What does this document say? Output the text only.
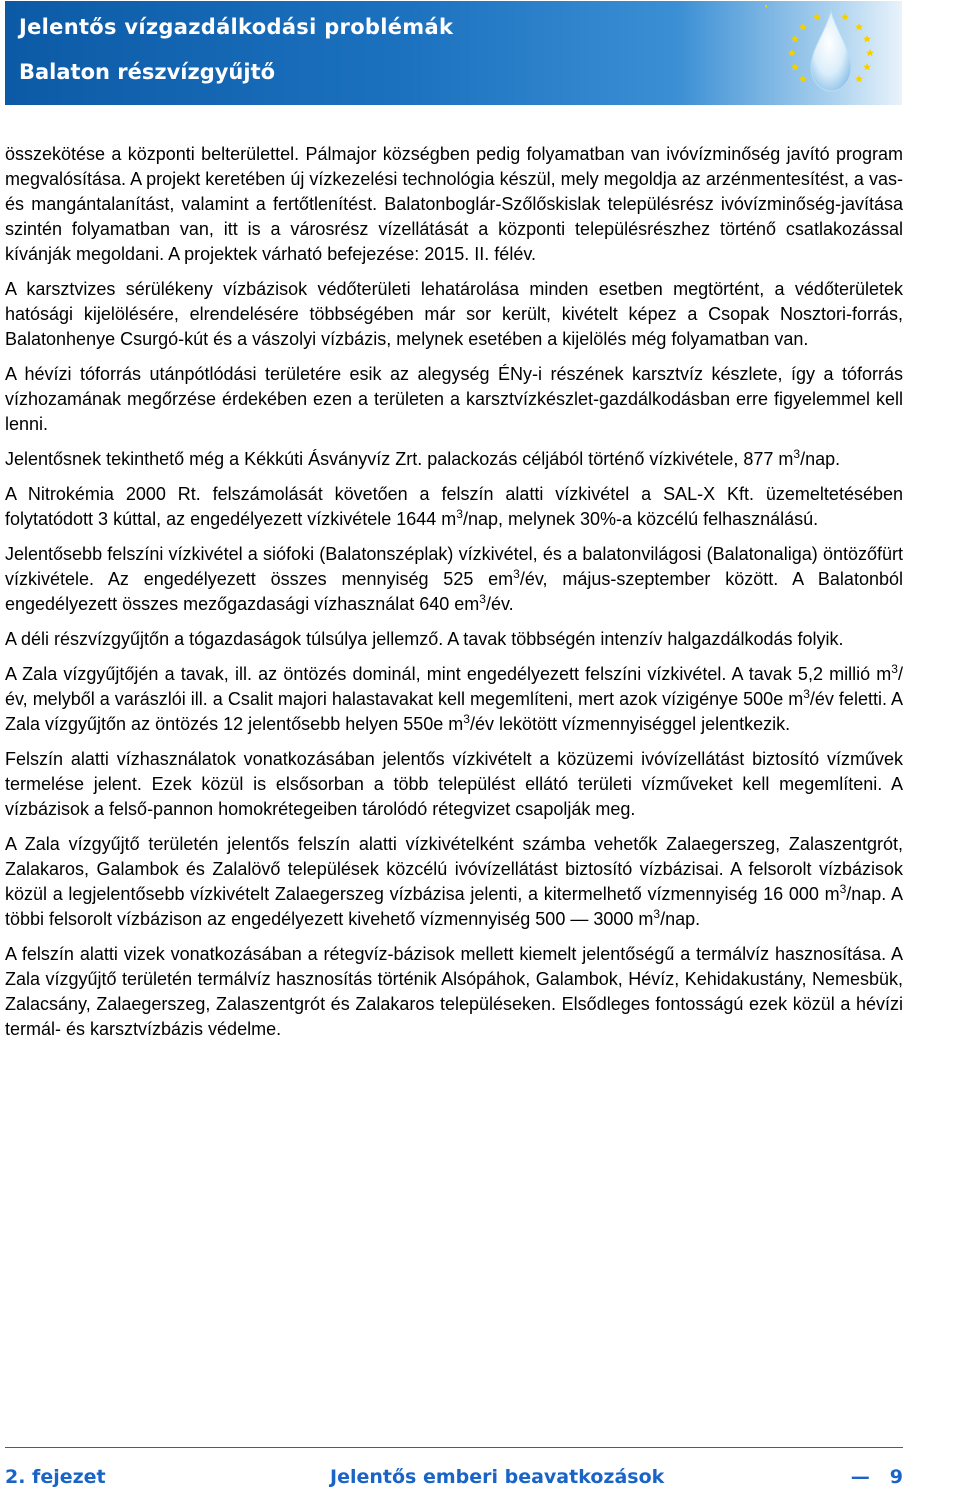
Jelentős vízgazdálkodási problémák
Balaton részvízgyűjtő

összekötése a központi belterülettel. Pálmajor községben pedig folyamatban van ivóvízminőség javító program megvalósítása. A projekt keretében új vízkezelési technológia készül, mely megoldja az arzénmentesítést, a vas- és mangántalanítást, valamint a fertőtlenítést. Balatonboglár-Szőlőskislak településrész ivóvízminőség-javítása szintén folyamatban van, itt is a városrész vízellátását a központi településrészhez történő csatlakozással kívánják megoldani. A projektek várható befejezése: 2015. II. félév.

A karsztvizes sérülékeny vízbázisok védőterületi lehatárolása minden esetben megtörtént, a védőterületek hatósági kijelölésére, elrendelésére többségében már sor került, kivételt képez a Csopak Nosztori-forrás, Balatonhenye Csurgó-kút és a vászolyi vízbázis, melynek esetében a kijelölés még folyamatban van.

A hévízi tóforrás utánpótlódási területére esik az alegység ÉNy-i részének karsztvíz készlete, így a tóforrás vízhozamának megőrzése érdekében ezen a területen a karsztvízkészlet-gazdálkodásban erre figyelemmel kell lenni.

Jelentősnek tekinthető még a Kékkúti Ásványvíz Zrt. palackozás céljából történő vízkivétele, 877 $m^3$/nap.

A Nitrokémia 2000 Rt. felszámolását követően a felszín alatti vízkivétel a SAL-X Kft. üzemeltetésében folytatódott 3 kúttal, az engedélyezett vízkivétele 1644 $m^3$/nap, melynek 30%-a közcélú felhasználású.

Jelentősebb felszíni vízkivétel a siófoki (Balatonszéplak) vízkivétel, és a balatonvilágosi (Balatonaliga) öntözőfürt vízkivétele. Az engedélyezett összes mennyiség 525 $em^3/év$, május-szeptember között. A Balatonból engedélyezett összes mezőgazdasági vízhasználat 640 $em^3/év$.

A déli részvízgyűjtőn a tógazdaságok túlsúlya jellemző. A tavak többségén intenzív halgazdálkodás folyik.

A Zala vízgyűjtőjén a tavak, ill. az öntözés dominál, mint engedélyezett felszíni vízkivétel. A tavak 5,2 millió $m^3/év$, melyből a varászlói ill. a Csalit majori halastavakat kell megemlíteni, mert azok vízigénye 500e $m^3/év$ feletti. A Zala vízgyűjtőn az öntözés 12 jelentősebb helyen 550e $m^3/év$ lekötött vízmennyiséggel jelentkezik.

Felszín alatti vízhasználatok vonatkozásában jelentős vízkivételt a közüzemi ivóvízellátást biztosító vízművek termelése jelent. Ezek közül is elsősorban a több települést ellátó területi vízműveket kell megemlíteni. A vízbázisok a felső-pannon homokrétegeiben tárolódó rétegvizet csapolják meg.

A Zala vízgyűjtő területén jelentős felszín alatti vízkivételként számba vehetők Zalaegerszeg, Zalaszentgrót, Zalakaros, Galambok és Zalalövő települések közcélú ivóvízellátást biztosító vízbázisai. A felsorolt vízbázisok közül a legjelentősebb vízkivételt Zalaegerszeg vízbázisa jelenti, a kitermelhető vízmennyiség 16 000 $m^3$/nap. A többi felsorolt vízbázison az engedélyezett kivehető vízmennyiség 500 — 3000 $m^3$/nap.

A felszín alatti vizek vonatkozásában a rétegvíz-bázisok mellett kiemelt jelentőségű a termálvíz hasznosítása. A Zala vízgyűjtő területén termálvíz hasznosítás történik Alsópáhok, Galambok, Hévíz, Kehidakustány, Nemesbük, Zalacsány, Zalaegerszeg, Zalaszentgrót és Zalakaros településeken. Elsődleges fontosságú ezek közül a hévízi termál- és karsztvízbázis védelme.

2. fejezet	Jelentős emberi beavatkozások	— 9
